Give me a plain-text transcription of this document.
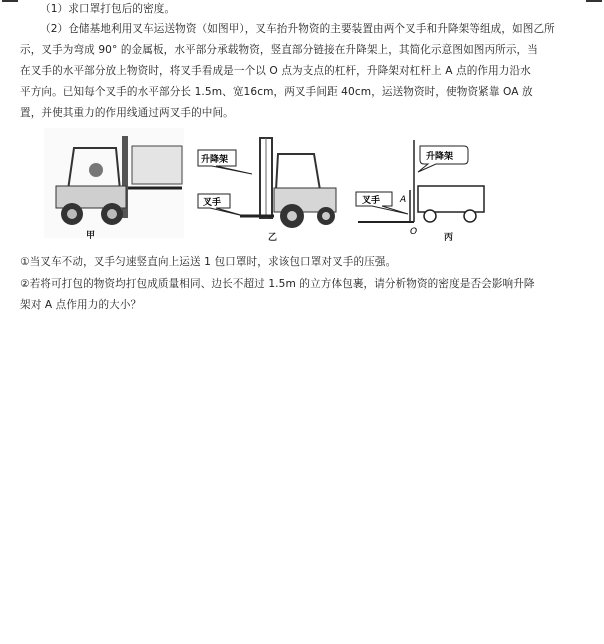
（1）求口罩打包后的密度。
（2）仓储基地利用叉车运送物资（如图甲），叉车抬升物资的主要装置由两个叉手和升降架等组成，如图乙所
示，叉手为弯成 90° 的金属板，水平部分承载物资，竖直部分链接在升降架上，其简化示意图如图丙所示，当
在叉手的水平部分放上物资时，将叉手看成是一个以 O 点为支点的杠杆，升降架对杠杆上 A 点的作用力沿水
平方向。已知每个叉手的水平部分长 1.5m、宽16cm，两叉手间距 40cm，运送物资时，使物资紧靠 OA 放
置，并使其重力的作用线通过两叉手的中间。
甲
升降架
叉手
乙
升降架
叉手 A
O
丙
①当叉车不动，叉手匀速竖直向上运送 1 包口罩时，求该包口罩对叉手的压强。
②若将可打包的物资均打包成质量相同、边长不超过 1.5m 的立方体包裹，请分析物资的密度是否会影响升降
架对 A 点作用力的大小？
